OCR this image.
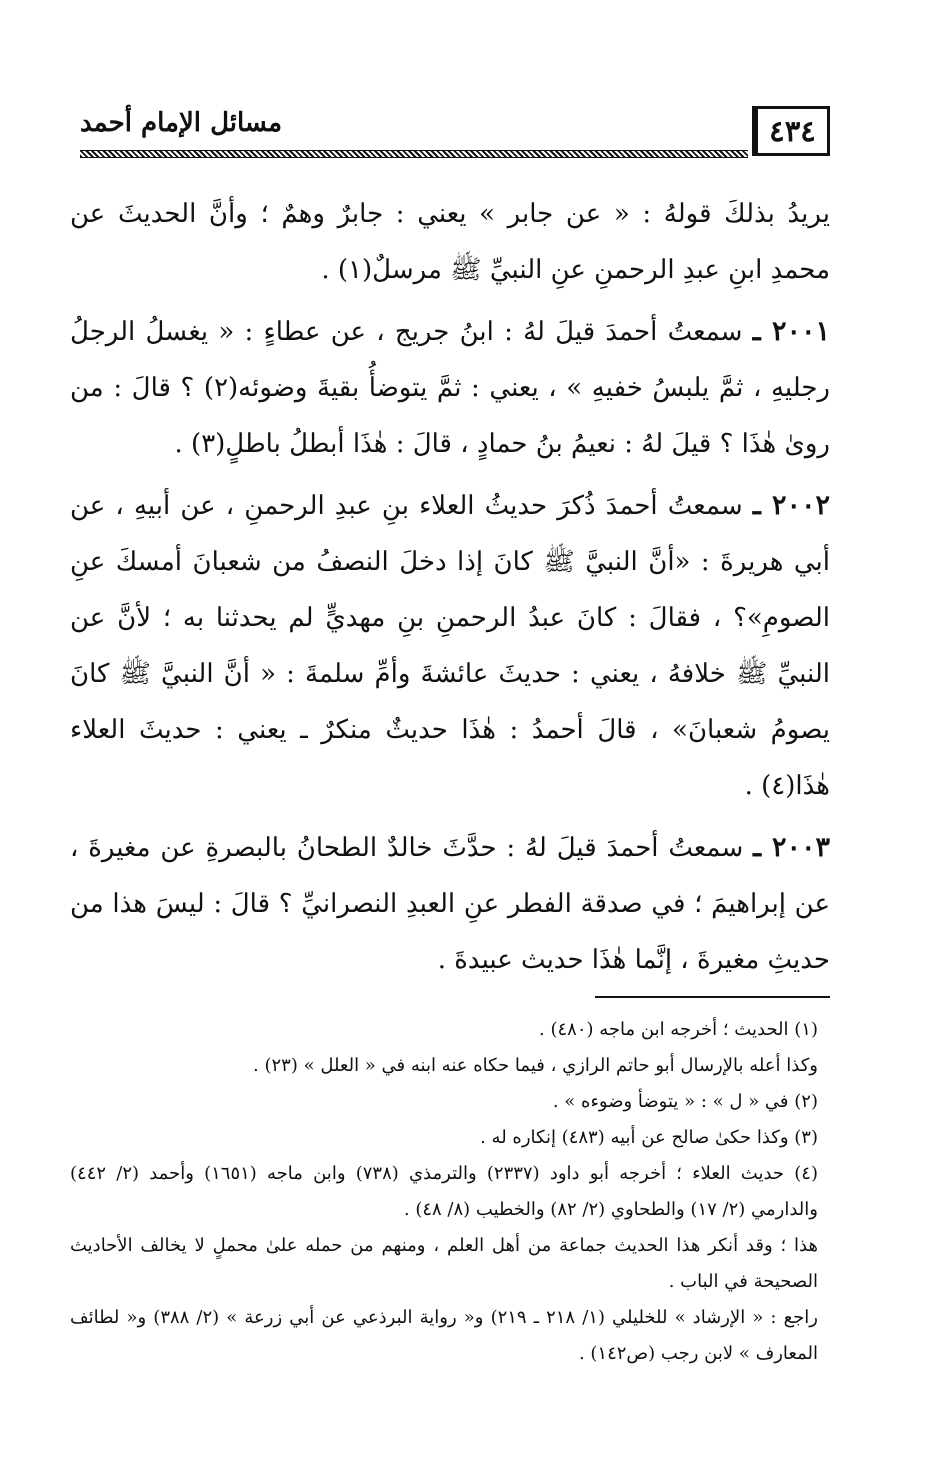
٤٣٤
مسائل الإمام أحمد

يريدُ بذلكَ قولهُ : « عن جابر » يعني : جابرٌ وهمٌ ؛ وأنَّ الحديثَ عن محمدِ ابنِ عبدِ الرحمنِ عنِ النبيِّ ﷺ مرسلٌ(١) .

٢٠٠١ ـ سمعتُ أحمدَ قيلَ لهُ : ابنُ جريج ، عن عطاءٍ : « يغسلُ الرجلُ رجليهِ ، ثمَّ يلبسُ خفيهِ » ، يعني : ثمَّ يتوضأُ بقيةَ وضوئه(٢) ؟ قالَ : من روىٰ هٰذَا ؟ قيلَ لهُ : نعيمُ بنُ حمادٍ ، قالَ : هٰذَا أبطلُ باطلٍ(٣) .

٢٠٠٢ ـ سمعتُ أحمدَ ذُكرَ حديثُ العلاء بنِ عبدِ الرحمنِ ، عن أبيهِ ، عن أبي هريرةَ : «أنَّ النبيَّ ﷺ كانَ إذا دخلَ النصفُ من شعبانَ أمسكَ عنِ الصومِ»؟ ، فقالَ : كانَ عبدُ الرحمنِ بنِ مهديٍّ لم يحدثنا به ؛ لأنَّ عن النبيِّ ﷺ خلافهُ ، يعني : حديثَ عائشةَ وأمِّ سلمةَ : « أنَّ النبيَّ ﷺ كانَ يصومُ شعبانَ» ، قالَ أحمدُ : هٰذَا حديثٌ منكرٌ ـ يعني : حديثَ العلاء هٰذَا(٤) .

٢٠٠٣ ـ سمعتُ أحمدَ قيلَ لهُ : حدَّثَ خالدٌ الطحانُ بالبصرةِ عن مغيرةَ ، عن إبراهيمَ ؛ في صدقة الفطر عنِ العبدِ النصرانيِّ ؟ قالَ : ليسَ هذا من حديثِ مغيرةَ ، إنَّما هٰذَا حديث عبيدةَ .

(١) الحديث ؛ أخرجه ابن ماجه (٤٨٠) .

وكذا أعله بالإرسال أبو حاتم الرازي ، فيما حكاه عنه ابنه في « العلل » (٢٣) .

(٢) في « ل » : « يتوضأ وضوءه » .

(٣) وكذا حكىٰ صالح عن أبيه (٤٨٣) إنكاره له .

(٤) حديث العلاء ؛ أخرجه أبو داود (٢٣٣٧) والترمذي (٧٣٨) وابن ماجه (١٦٥١) وأحمد (٢/ ٤٤٢) والدارمي (٢/ ١٧) والطحاوي (٢/ ٨٢) والخطيب (٨/ ٤٨) .

هذا ؛ وقد أنكر هذا الحديث جماعة من أهل العلم ، ومنهم من حمله علىٰ محملٍ لا يخالف الأحاديث الصحيحة في الباب .

راجع : « الإرشاد » للخليلي (١/ ٢١٨ ـ ٢١٩) و« رواية البرذعي عن أبي زرعة » (٢/ ٣٨٨) و« لطائف المعارف » لابن رجب (ص١٤٢) .
